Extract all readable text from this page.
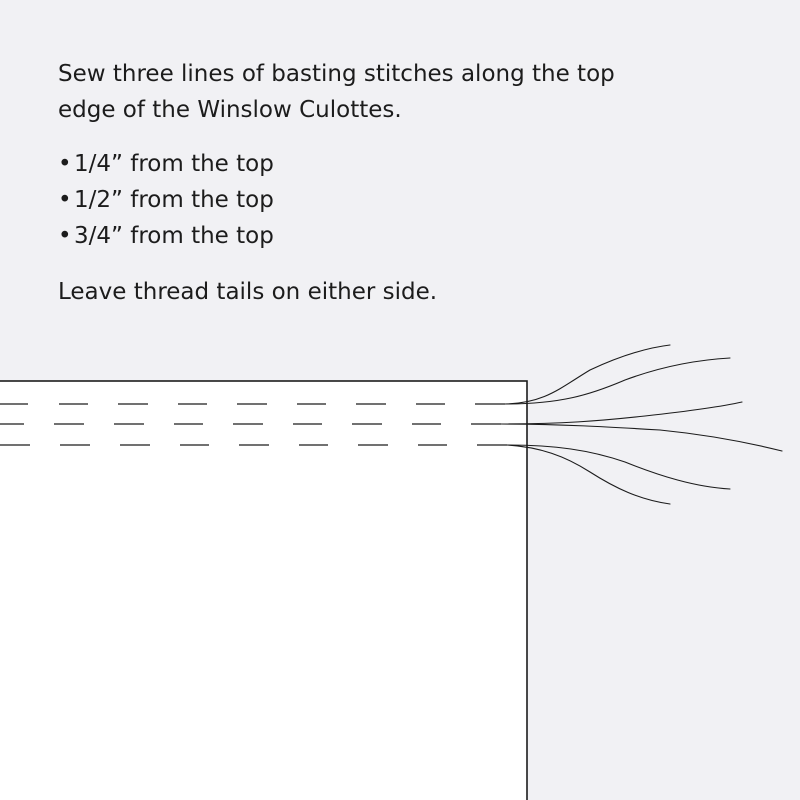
Sew three lines of basting stitches along the top edge of the Winslow Culottes.

• 1/4” from the top
• 1/2” from the top
• 3/4” from the top

Leave thread tails on either side.
